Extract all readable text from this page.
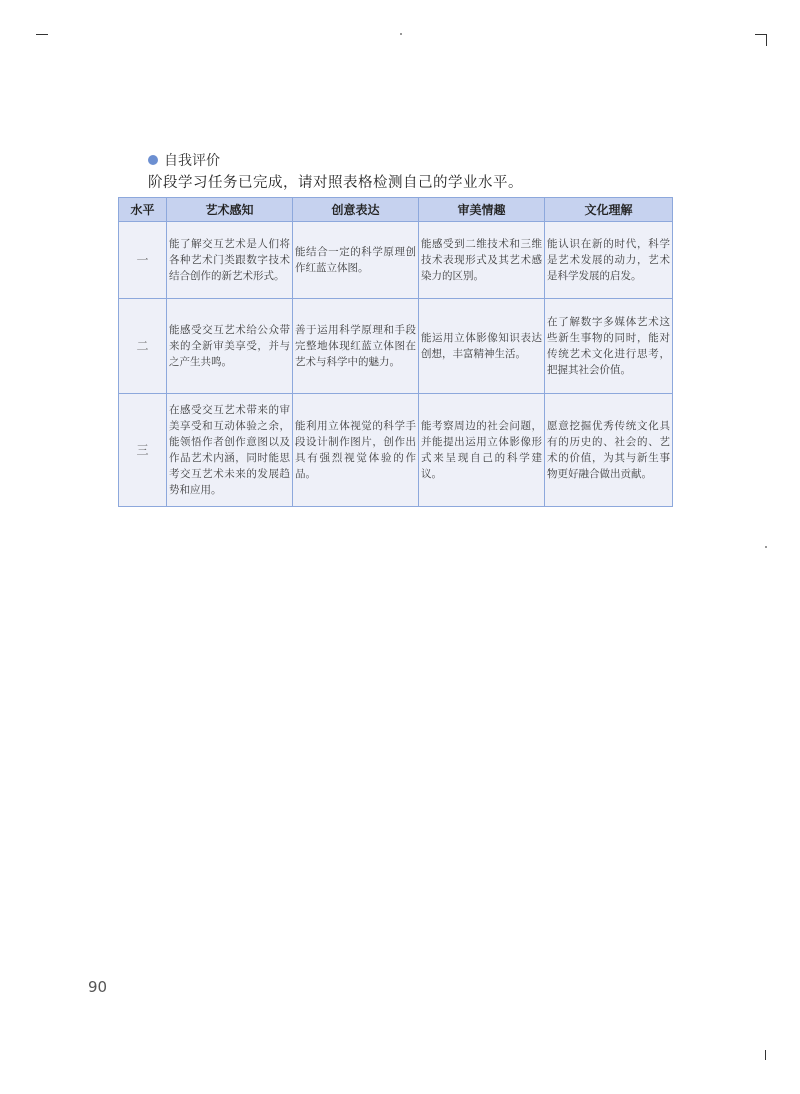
自我评价
阶段学习任务已完成，请对照表格检测自己的学业水平。
水平	艺术感知	创意表达	审美情趣	文化理解
一	能了解交互艺术是人们将各种艺术门类跟数字技术结合创作的新艺术形式。	能结合一定的科学原理创作红蓝立体图。	能感受到二维技术和三维技术表现形式及其艺术感染力的区别。	能认识在新的时代，科学是艺术发展的动力，艺术是科学发展的启发。
二	能感受交互艺术给公众带来的全新审美享受，并与之产生共鸣。	善于运用科学原理和手段完整地体现红蓝立体图在艺术与科学中的魅力。	能运用立体影像知识表达创想，丰富精神生活。	在了解数字多媒体艺术这些新生事物的同时，能对传统艺术文化进行思考，把握其社会价值。
三	在感受交互艺术带来的审美享受和互动体验之余，能领悟作者创作意图以及作品艺术内涵，同时能思考交互艺术未来的发展趋势和应用。	能利用立体视觉的科学手段设计制作图片，创作出具有强烈视觉体验的作品。	能考察周边的社会问题，并能提出运用立体影像形式来呈现自己的科学建议。	愿意挖掘优秀传统文化具有的历史的、社会的、艺术的价值，为其与新生事物更好融合做出贡献。
90
